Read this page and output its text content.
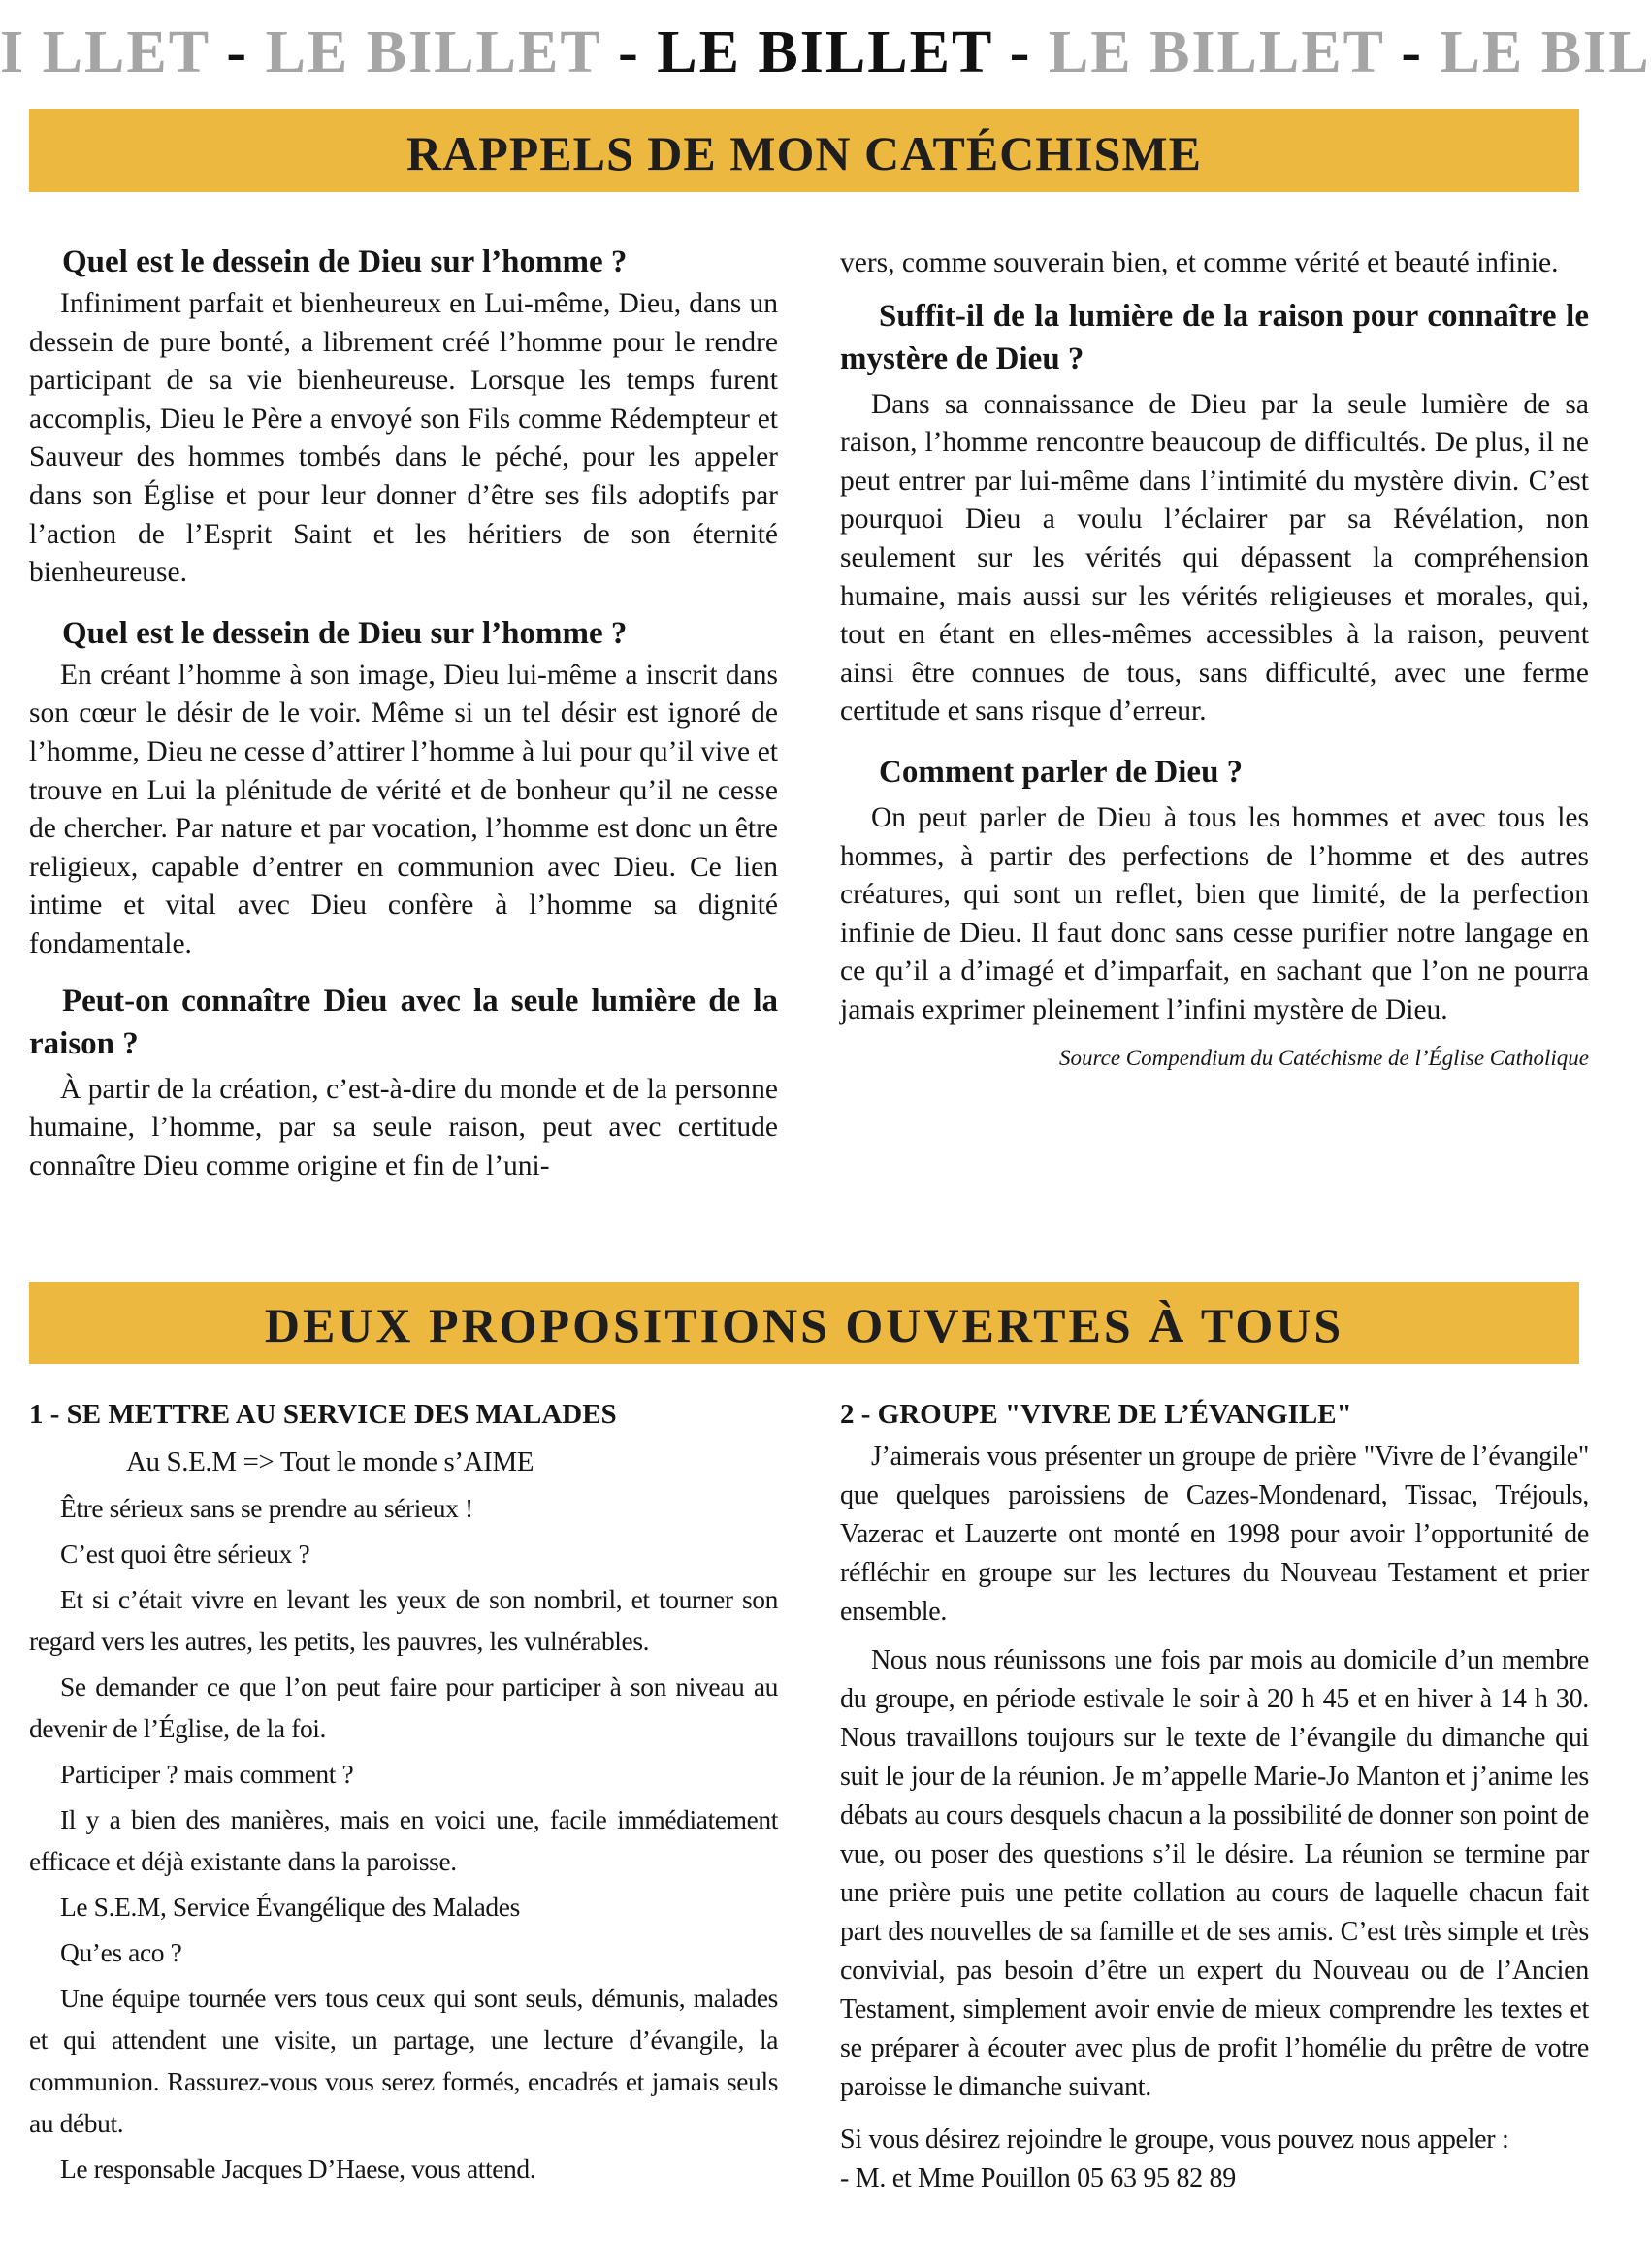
I LLET - LE BILLET - LE BILLET - LE BILLET - LE BIL
RAPPELS DE MON CATÉCHISME
Quel est le dessein de Dieu sur l’homme ?

Infiniment parfait et bienheureux en Lui-même, Dieu, dans un dessein de pure bonté, a librement créé l’homme pour le rendre participant de sa vie bienheureuse. Lorsque les temps furent accomplis, Dieu le Père a envoyé son Fils comme Rédempteur et Sauveur des hommes tombés dans le péché, pour les appeler dans son Église et pour leur donner d’être ses fils adoptifs par l’action de l’Esprit Saint et les héritiers de son éternité bienheureuse.

Quel est le dessein de Dieu sur l’homme ?

En créant l’homme à son image, Dieu lui-même a inscrit dans son cœur le désir de le voir. Même si un tel désir est ignoré de l’homme, Dieu ne cesse d’attirer l’homme à lui pour qu’il vive et trouve en Lui la plénitude de vérité et de bonheur qu’il ne cesse de chercher. Par nature et par vocation, l’homme est donc un être religieux, capable d’entrer en communion avec Dieu. Ce lien intime et vital avec Dieu confère à l’homme sa dignité fondamentale.

Peut-on connaître Dieu avec la seule lumière de la raison ?

À partir de la création, c’est-à-dire du monde et de la personne humaine, l’homme, par sa seule raison, peut avec certitude connaître Dieu comme origine et fin de l’uni-

vers, comme souverain bien, et comme vérité et beauté infinie.

Suffit-il de la lumière de la raison pour connaître le mystère de Dieu ?

Dans sa connaissance de Dieu par la seule lumière de sa raison, l’homme rencontre beaucoup de difficultés. De plus, il ne peut entrer par lui-même dans l’intimité du mystère divin. C’est pourquoi Dieu a voulu l’éclairer par sa Révélation, non seulement sur les vérités qui dépassent la compréhension humaine, mais aussi sur les vérités religieuses et morales, qui, tout en étant en elles-mêmes accessibles à la raison, peuvent ainsi être connues de tous, sans difficulté, avec une ferme certitude et sans risque d’erreur.

Comment parler de Dieu ?

On peut parler de Dieu à tous les hommes et avec tous les hommes, à partir des perfections de l’homme et des autres créatures, qui sont un reflet, bien que limité, de la perfection infinie de Dieu. Il faut donc sans cesse purifier notre langage en ce qu’il a d’imagé et d’imparfait, en sachant que l’on ne pourra jamais exprimer pleinement l’infini mystère de Dieu.

Source Compendium du Catéchisme de l’Église Catholique
DEUX PROPOSITIONS OUVERTES À TOUS
1 - SE METTRE AU SERVICE DES MALADES

Au S.E.M => Tout le monde s’AIME

Être sérieux sans se prendre au sérieux !

C’est quoi être sérieux ?

Et si c’était vivre en levant les yeux de son nombril, et tourner son regard vers les autres, les petits, les pauvres, les vulnérables.

Se demander ce que l’on peut faire pour participer à son niveau au devenir de l’Église, de la foi.

Participer ? mais comment ?

Il y a bien des manières, mais en voici une, facile immédiatement efficace et déjà existante dans la paroisse.

Le S.E.M, Service Évangélique des Malades

Qu’es aco ?

Une équipe tournée vers tous ceux qui sont seuls, démunis, malades et qui attendent une visite, un partage, une lecture d’évangile, la communion. Rassurez-vous vous serez formés, encadrés et jamais seuls au début.

Le responsable Jacques D’Haese, vous attend.

2 - GROUPE "VIVRE DE L’ÉVANGILE"

J’aimerais vous présenter un groupe de prière "Vivre de l’évangile" que quelques paroissiens de Cazes-Mondenard, Tissac, Tréjouls, Vazerac et Lauzerte ont monté en 1998 pour avoir l’opportunité de réfléchir en groupe sur les lectures du Nouveau Testament et prier ensemble.

Nous nous réunissons une fois par mois au domicile d’un membre du groupe, en période estivale le soir à 20 h 45 et en hiver à 14 h 30. Nous travaillons toujours sur le texte de l’évangile du dimanche qui suit le jour de la réunion. Je m’appelle Marie-Jo Manton et j’anime les débats au cours desquels chacun a la possibilité de donner son point de vue, ou poser des questions s’il le désire. La réunion se termine par une prière puis une petite collation au cours de laquelle chacun fait part des nouvelles de sa famille et de ses amis. C’est très simple et très convivial, pas besoin d’être un expert du Nouveau ou de l’Ancien Testament, simplement avoir envie de mieux comprendre les textes et se préparer à écouter avec plus de profit l’homélie du prêtre de votre paroisse le dimanche suivant.

Si vous désirez rejoindre le groupe, vous pouvez nous appeler :

- M. et Mme Pouillon 05 63 95 82 89
